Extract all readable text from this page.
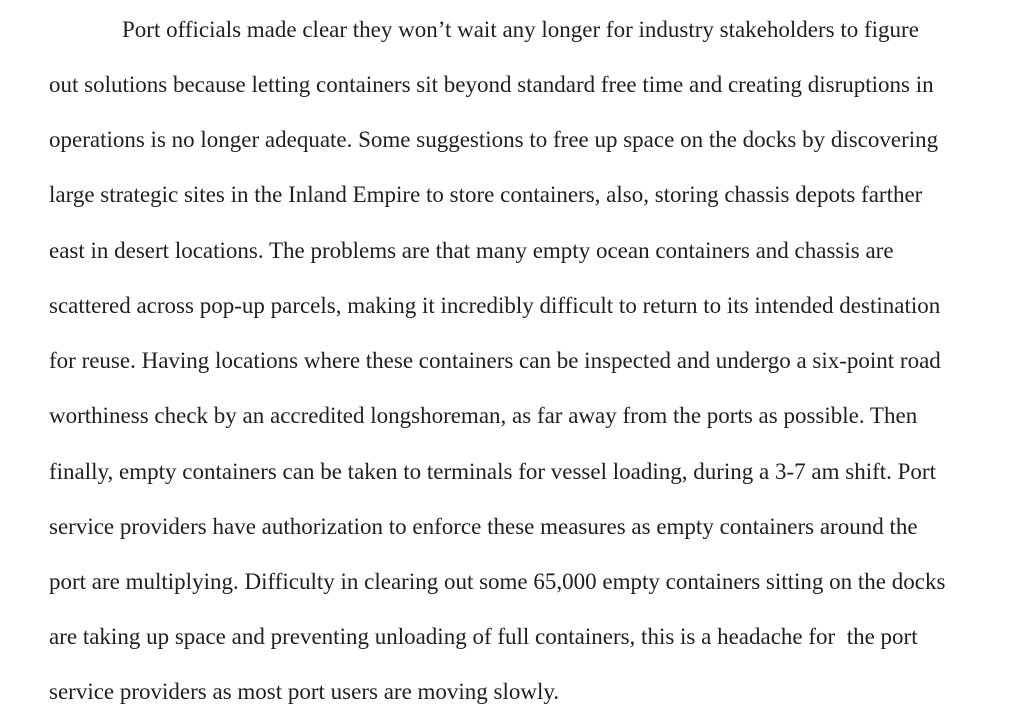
Port officials made clear they won’t wait any longer for industry stakeholders to figure
out solutions because letting containers sit beyond standard free time and creating disruptions in
operations is no longer adequate. Some suggestions to free up space on the docks by discovering
large strategic sites in the Inland Empire to store containers, also, storing chassis depots farther
east in desert locations. The problems are that many empty ocean containers and chassis are
scattered across pop-up parcels, making it incredibly difficult to return to its intended destination
for reuse. Having locations where these containers can be inspected and undergo a six-point road
worthiness check by an accredited longshoreman, as far away from the ports as possible. Then
finally, empty containers can be taken to terminals for vessel loading, during a 3-7 am shift. Port
service providers have authorization to enforce these measures as empty containers around the
port are multiplying. Difficulty in clearing out some 65,000 empty containers sitting on the docks
are taking up space and preventing unloading of full containers, this is a headache for  the port
service providers as most port users are moving slowly.
